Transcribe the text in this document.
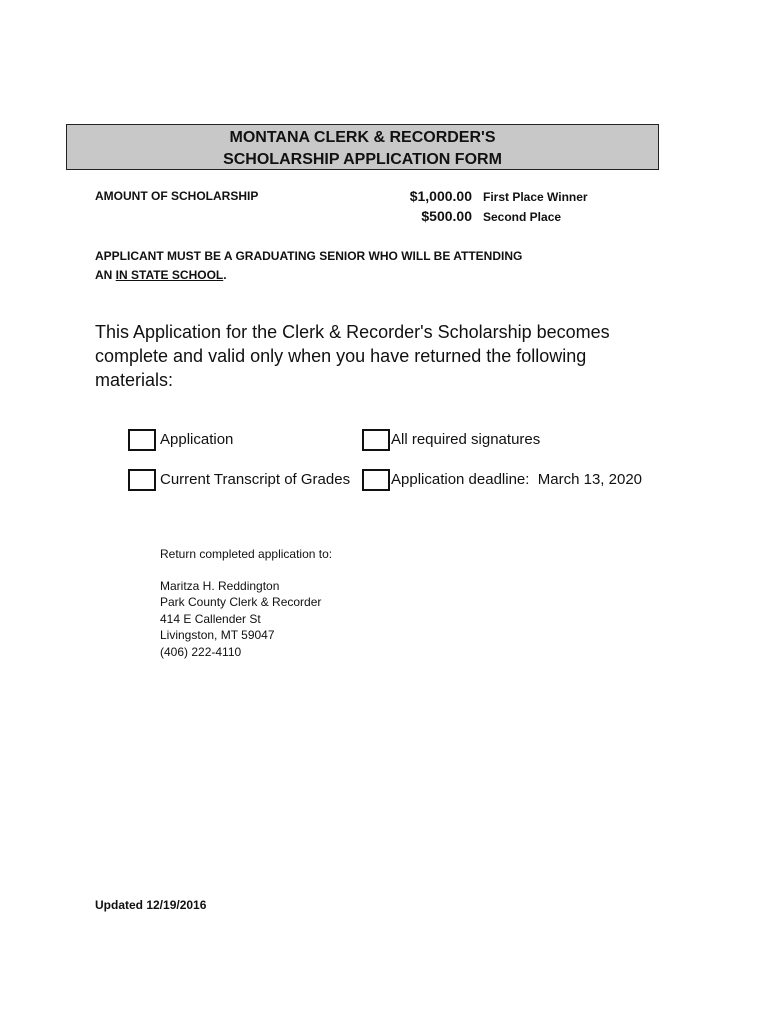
MONTANA CLERK & RECORDER'S
SCHOLARSHIP APPLICATION FORM
AMOUNT OF SCHOLARSHIP	$1,000.00 First Place Winner
$500.00 Second Place
APPLICANT MUST BE A GRADUATING SENIOR WHO WILL BE ATTENDING
AN IN STATE SCHOOL.
This Application for the Clerk & Recorder's Scholarship becomes complete and valid only when you have returned the following materials:
Application	All required signatures
Current Transcript of Grades	Application deadline:  March 13, 2020
Return completed application to:
Maritza H. Reddington
Park County Clerk & Recorder
414 E Callender St
Livingston, MT 59047
(406) 222-4110
Updated 12/19/2016
